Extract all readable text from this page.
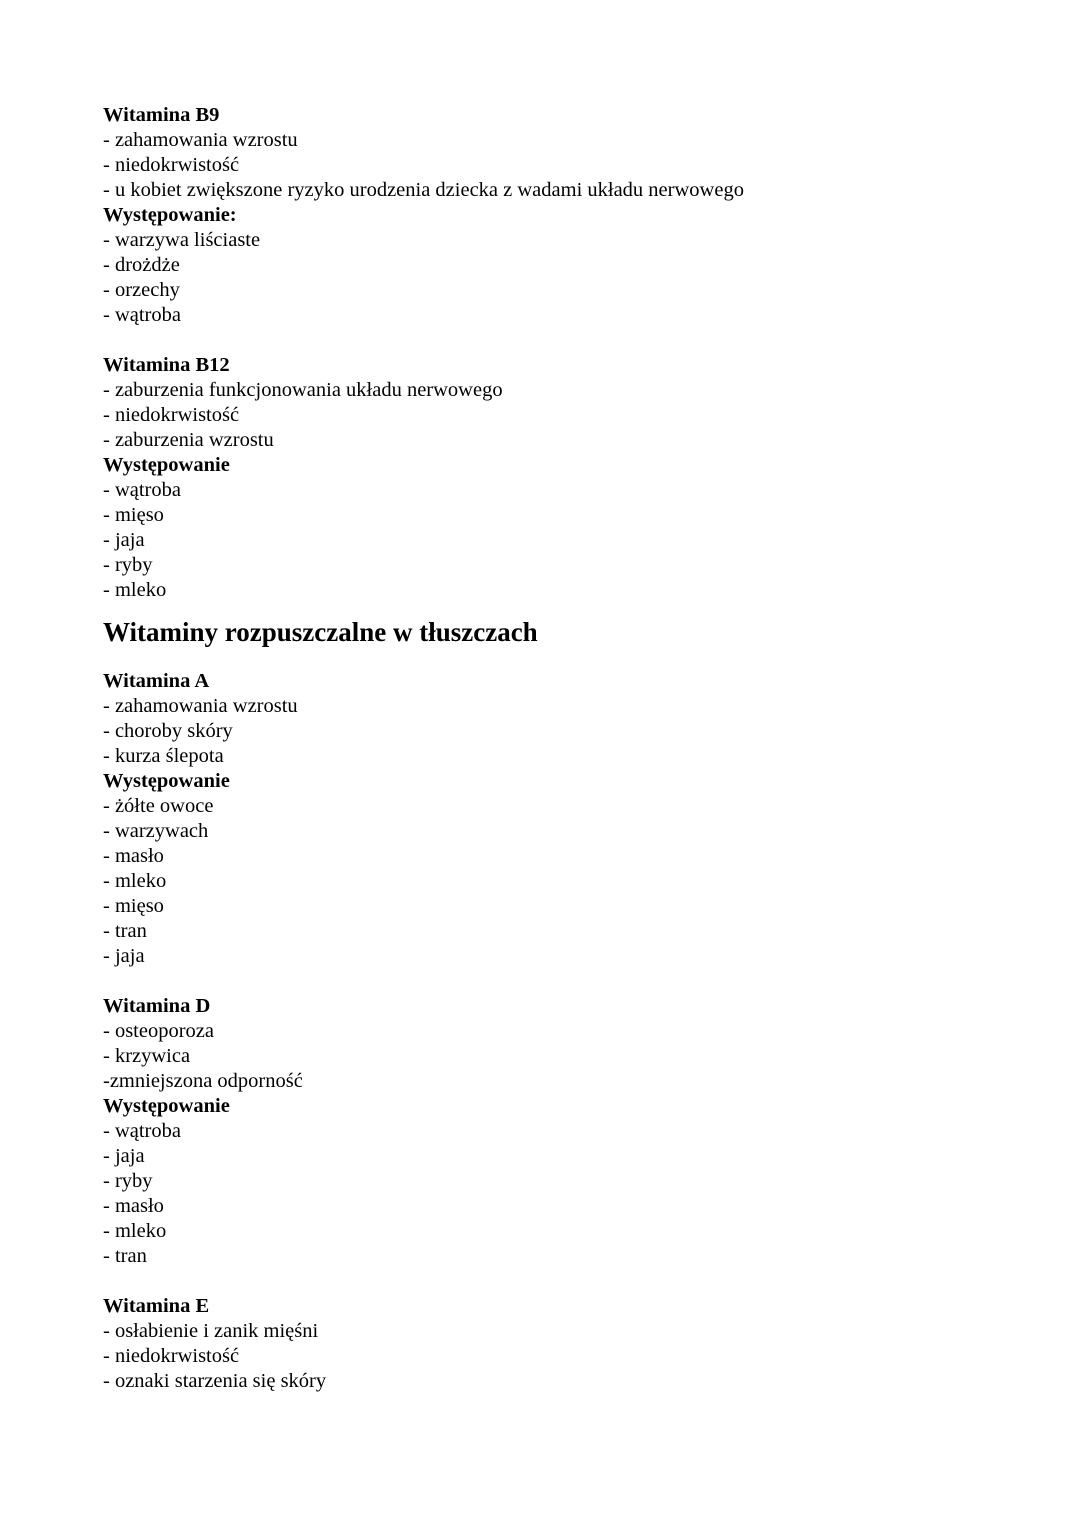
Witamina B9
- zahamowania wzrostu
- niedokrwistość
- u kobiet zwiększone ryzyko urodzenia dziecka z wadami układu nerwowego
Występowanie:
- warzywa liściaste
- drożdże
- orzechy
- wątroba
Witamina B12
- zaburzenia funkcjonowania układu nerwowego
- niedokrwistość
- zaburzenia wzrostu
Występowanie
- wątroba
- mięso
- jaja
- ryby
- mleko
Witaminy rozpuszczalne w tłuszczach
Witamina A
- zahamowania wzrostu
- choroby skóry
- kurza ślepota
Występowanie
- żółte owoce
- warzywach
- masło
- mleko
- mięso
- tran
- jaja
Witamina D
- osteoporoza
- krzywica
-zmniejszona odporność
Występowanie
- wątroba
- jaja
- ryby
- masło
- mleko
- tran
Witamina E
- osłabienie i zanik mięśni
- niedokrwistość
- oznaki starzenia się skóry
